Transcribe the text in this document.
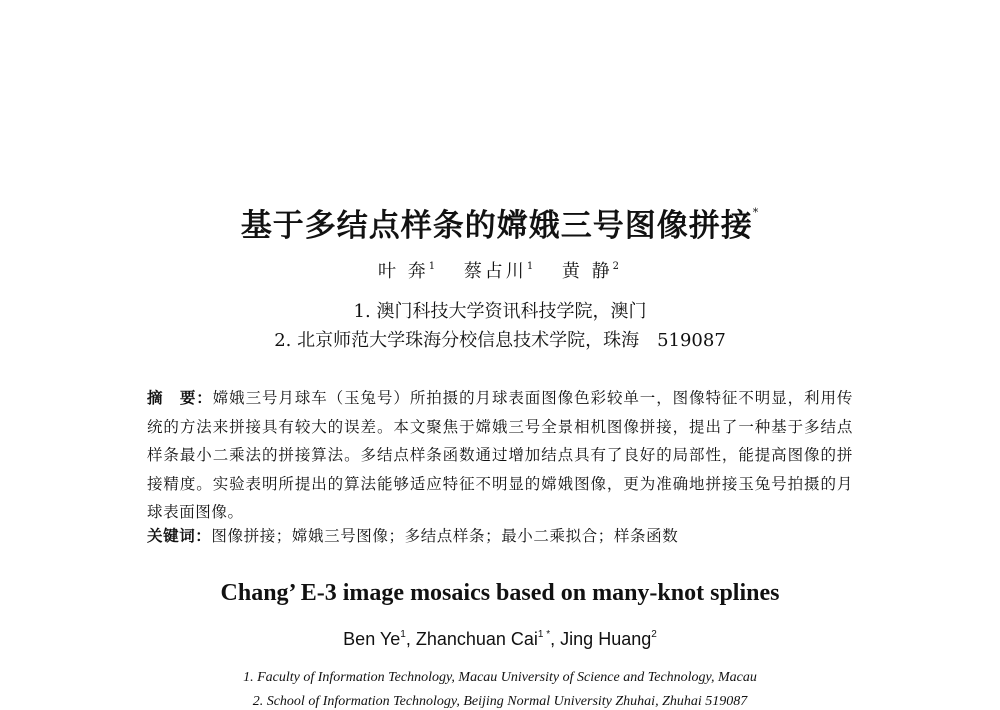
基于多结点样条的嫦娥三号图像拼接*
叶 奔$^1$ 蔡占川$^1$ 黄 静$^2$
1. 澳门科技大学资讯科技学院，澳门
2. 北京师范大学珠海分校信息技术学院，珠海　519087
摘　要：嫦娥三号月球车（玉兔号）所拍摄的月球表面图像色彩较单一，图像特征不明显，利用传统的方法来拼接具有较大的误差。本文聚焦于嫦娥三号全景相机图像拼接，提出了一种基于多结点样条最小二乘法的拼接算法。多结点样条函数通过增加结点具有了良好的局部性，能提高图像的拼接精度。实验表明所提出的算法能够适应特征不明显的嫦娥图像，更为准确地拼接玉兔号拍摄的月球表面图像。
关键词：图像拼接；嫦娥三号图像；多结点样条；最小二乘拟合；样条函数
Chang’ E-3 image mosaics based on many-knot splines
Ben Ye$^1$, Zhanchuan Cai$^{1 *}$, Jing Huang$^2$
1. Faculty of Information Technology, Macau University of Science and Technology, Macau
2. School of Information Technology, Beijing Normal University Zhuhai, Zhuhai 519087
